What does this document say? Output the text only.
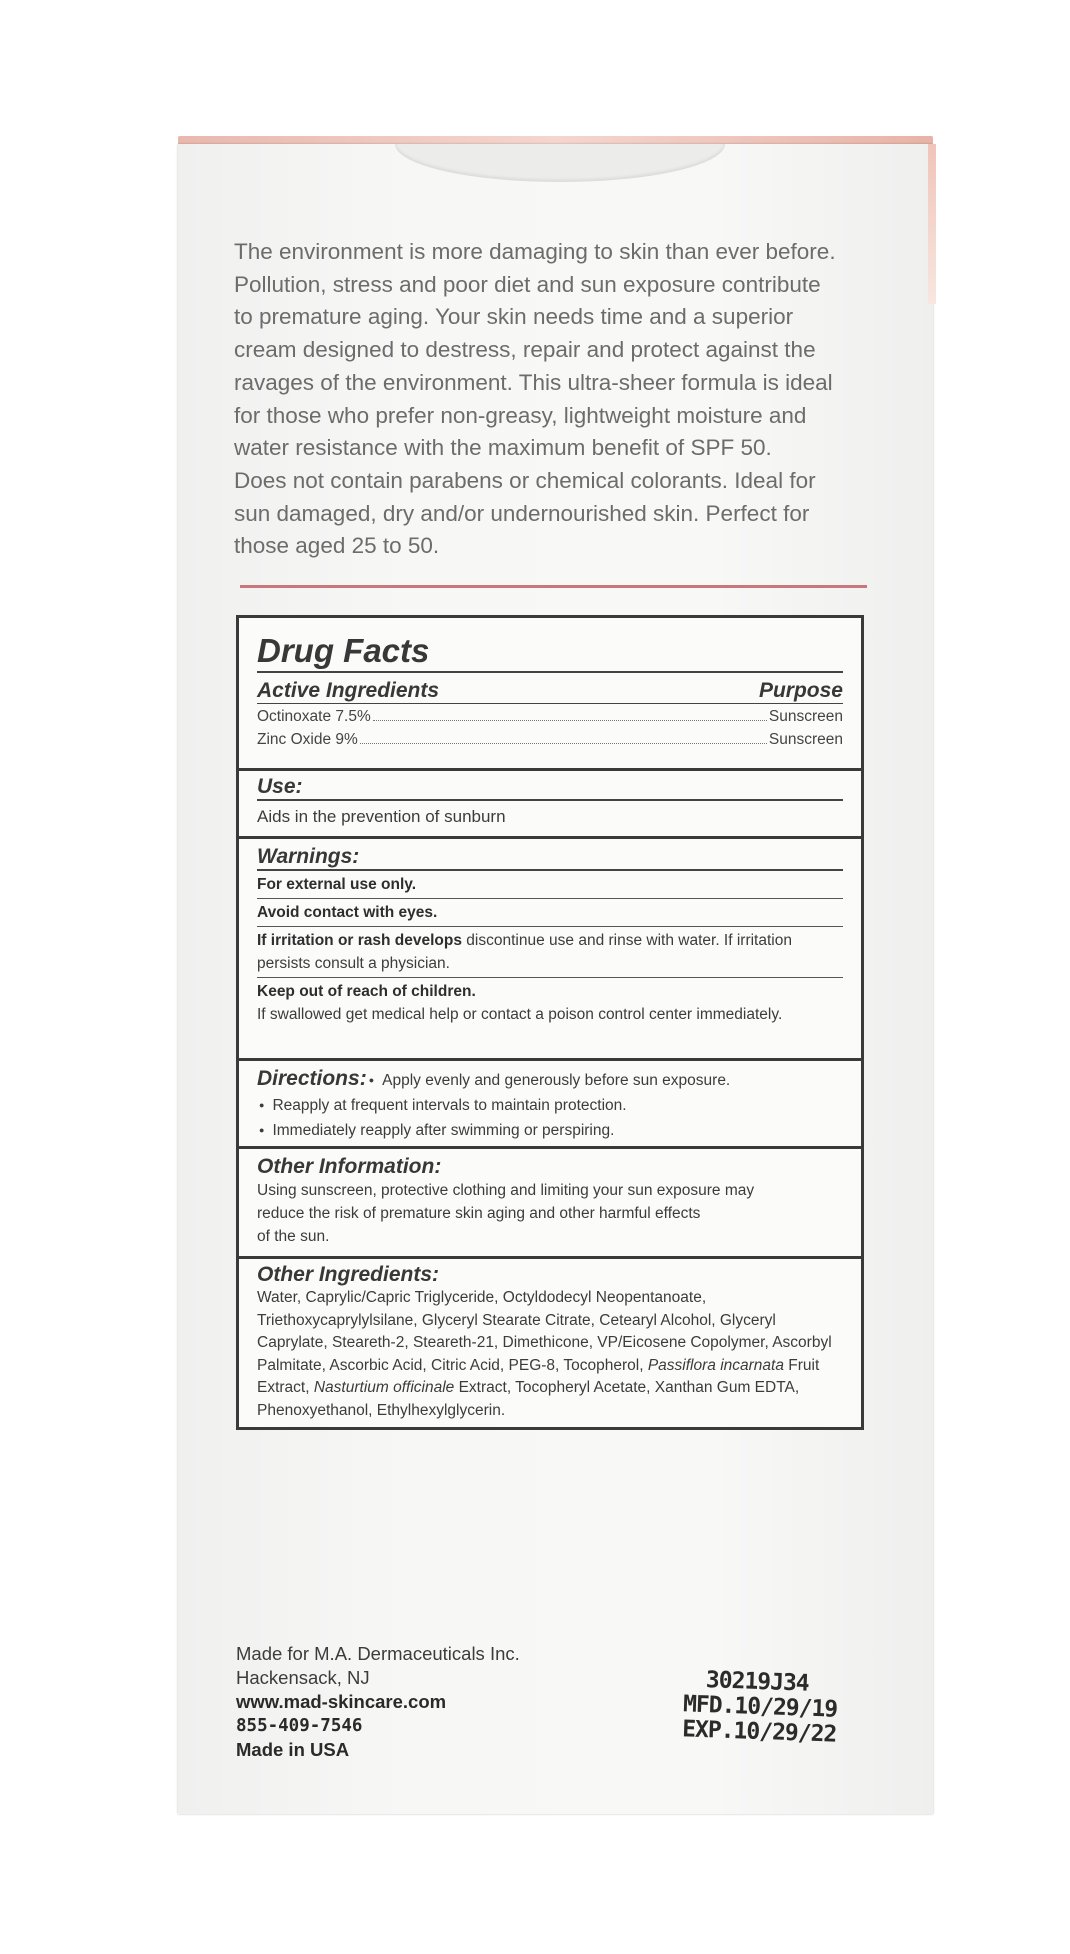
The environment is more damaging to skin than ever before.
Pollution, stress and poor diet and sun exposure contribute
to premature aging. Your skin needs time and a superior
cream designed to destress, repair and protect against the
ravages of the environment. This ultra-sheer formula is ideal
for those who prefer non-greasy, lightweight moisture and
water resistance with the maximum benefit of SPF 50.
Does not contain parabens or chemical colorants. Ideal for
sun damaged, dry and/or undernourished skin. Perfect for
those aged 25 to 50.
Drug Facts
Active Ingredients	Purpose
Octinoxate 7.5%	Sunscreen
Zinc Oxide 9%	Sunscreen
Use:
Aids in the prevention of sunburn
Warnings:
For external use only.
Avoid contact with eyes.
If irritation or rash develops discontinue use and rinse with water. If irritation persists consult a physician.
Keep out of reach of children.
If swallowed get medical help or contact a poison control center immediately.
Directions:● Apply evenly and generously before sun exposure.
● Reapply at frequent intervals to maintain protection.
● Immediately reapply after swimming or perspiring.
Other Information:
Using sunscreen, protective clothing and limiting your sun exposure may
reduce the risk of premature skin aging and other harmful effects
of the sun.
Other Ingredients:
Water, Caprylic/Capric Triglyceride, Octyldodecyl Neopentanoate, Triethoxycaprylylsilane, Glyceryl Stearate Citrate, Cetearyl Alcohol, Glyceryl Caprylate, Steareth-2, Steareth-21, Dimethicone, VP/Eicosene Copolymer, Ascorbyl Palmitate, Ascorbic Acid, Citric Acid, PEG-8, Tocopherol, Passiflora incarnata Fruit Extract, Nasturtium officinale Extract, Tocopheryl Acetate, Xanthan Gum EDTA, Phenoxyethanol, Ethylhexylglycerin.
Made for M.A. Dermaceuticals Inc.
Hackensack, NJ
www.mad-skincare.com
855-409-7546
Made in USA
30219J34
MFD.10/29/19
EXP.10/29/22
